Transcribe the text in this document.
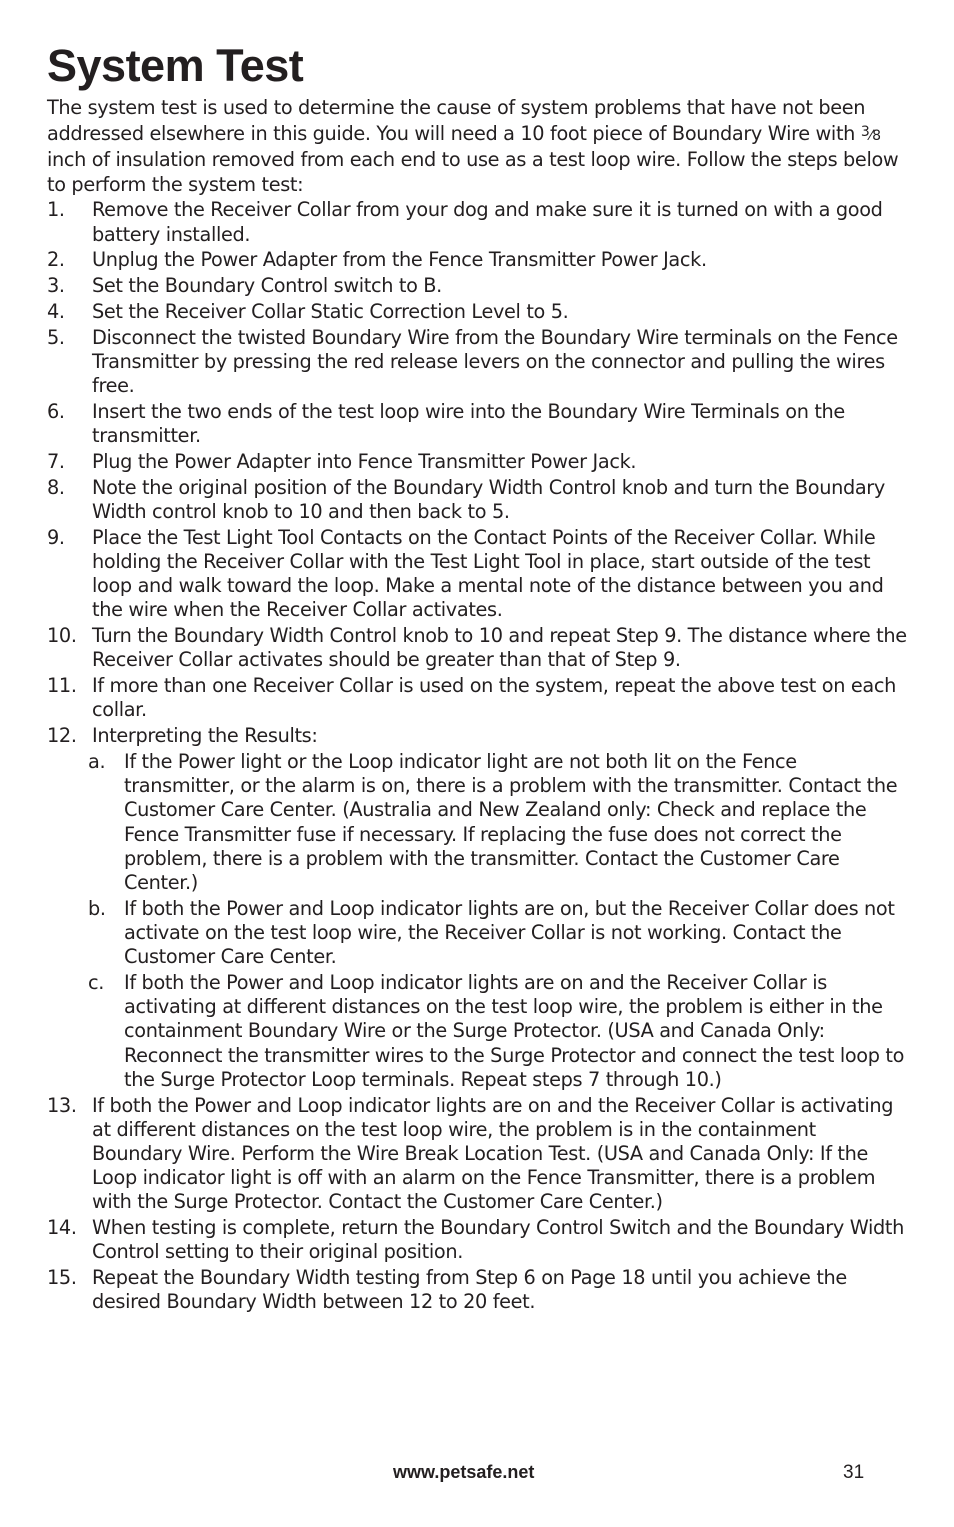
System Test

The system test is used to determine the cause of system problems that have not been addressed elsewhere in this guide. You will need a 10 foot piece of Boundary Wire with $^3$⁄8 inch of insulation removed from each end to use as a test loop wire. Follow the steps below to perform the system test:

1. Remove the Receiver Collar from your dog and make sure it is turned on with a good battery installed.
2. Unplug the Power Adapter from the Fence Transmitter Power Jack.
3. Set the Boundary Control switch to B.
4. Set the Receiver Collar Static Correction Level to 5.
5. Disconnect the twisted Boundary Wire from the Boundary Wire terminals on the Fence Transmitter by pressing the red release levers on the connector and pulling the wires free.
6. Insert the two ends of the test loop wire into the Boundary Wire Terminals on the transmitter.
7. Plug the Power Adapter into Fence Transmitter Power Jack.
8. Note the original position of the Boundary Width Control knob and turn the Boundary Width control knob to 10 and then back to 5.
9. Place the Test Light Tool Contacts on the Contact Points of the Receiver Collar. While holding the Receiver Collar with the Test Light Tool in place, start outside of the test loop and walk toward the loop. Make a mental note of the distance between you and the wire when the Receiver Collar activates.
10. Turn the Boundary Width Control knob to 10 and repeat Step 9. The distance where the Receiver Collar activates should be greater than that of Step 9.
11. If more than one Receiver Collar is used on the system, repeat the above test on each collar.
12. Interpreting the Results:
a. If the Power light or the Loop indicator light are not both lit on the Fence transmitter, or the alarm is on, there is a problem with the transmitter. Contact the Customer Care Center. (Australia and New Zealand only: Check and replace the Fence Transmitter fuse if necessary. If replacing the fuse does not correct the problem, there is a problem with the transmitter. Contact the Customer Care Center.)
b. If both the Power and Loop indicator lights are on, but the Receiver Collar does not activate on the test loop wire, the Receiver Collar is not working. Contact the Customer Care Center.
c. If both the Power and Loop indicator lights are on and the Receiver Collar is activating at different distances on the test loop wire, the problem is either in the containment Boundary Wire or the Surge Protector. (USA and Canada Only: Reconnect the transmitter wires to the Surge Protector and connect the test loop to the Surge Protector Loop terminals. Repeat steps 7 through 10.)
13. If both the Power and Loop indicator lights are on and the Receiver Collar is activating at different distances on the test loop wire, the problem is in the containment Boundary Wire. Perform the Wire Break Location Test. (USA and Canada Only: If the Loop indicator light is off with an alarm on the Fence Transmitter, there is a problem with the Surge Protector. Contact the Customer Care Center.)
14. When testing is complete, return the Boundary Control Switch and the Boundary Width Control setting to their original position.
15. Repeat the Boundary Width testing from Step 6 on Page 18 until you achieve the desired Boundary Width between 12 to 20 feet.
www.petsafe.net	31
